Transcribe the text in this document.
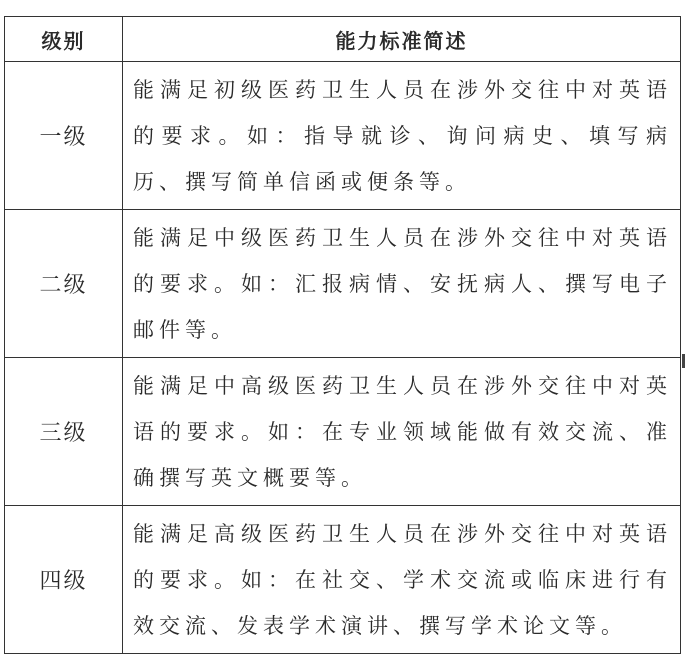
级别	能力标准简述
一级	能满足初级医药卫生人员在涉外交往中对英语的要求。如：指导就诊、询问病史、填写病历、撰写简单信函或便条等。
二级	能满足中级医药卫生人员在涉外交往中对英语的要求。如：汇报病情、安抚病人、撰写电子邮件等。
三级	能满足中高级医药卫生人员在涉外交往中对英语的要求。如：在专业领域能做有效交流、准确撰写英文概要等。
四级	能满足高级医药卫生人员在涉外交往中对英语的要求。如：在社交、学术交流或临床进行有效交流、发表学术演讲、撰写学术论文等。
